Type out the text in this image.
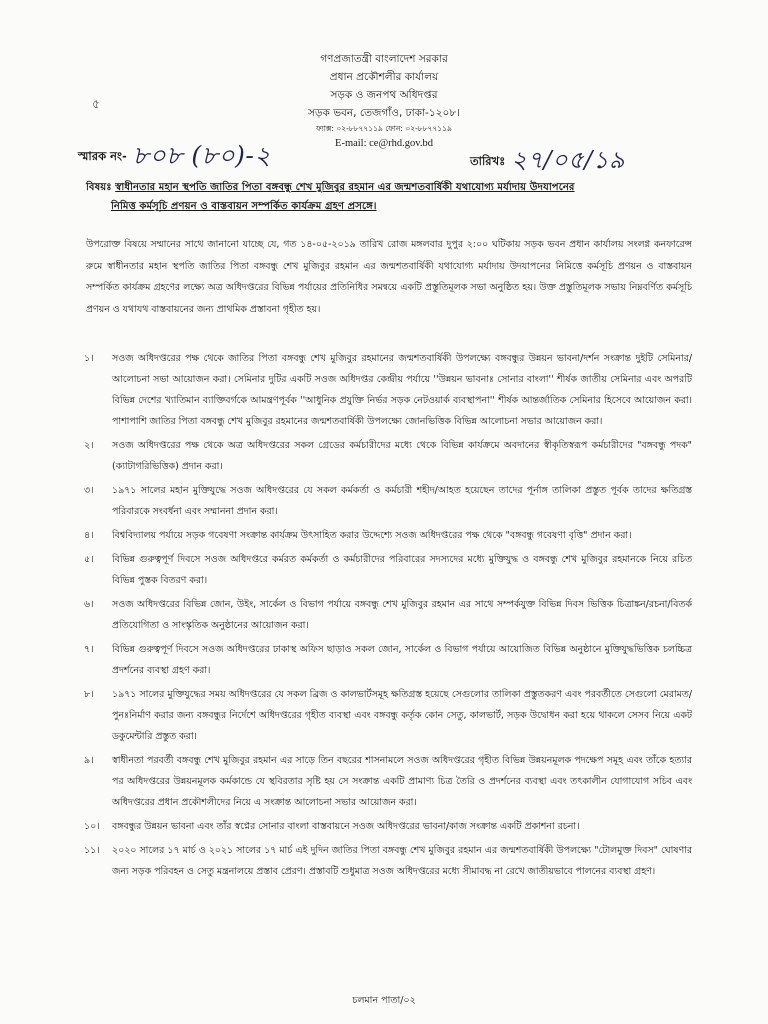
গণপ্রজাতন্ত্রী বাংলাদেশ সরকার
প্রধান প্রকৌশলীর কার্যালয়
সড়ক ও জনপথ অধিদপ্তর
সড়ক ভবন, তেজগাঁও, ঢাকা-১২০৮।
ফ্যাক্স: ০২-৮৮৭৭১১৯ ফোন: ০২-৮৮৭৭১১৯
E-mail: ce@rhd.gov.bd
৫
স্মারক নং- ৮০৮ (৮০)-২	তারিখঃ ২৭/০৫/১৯
বিষয়ঃ স্বাধীনতার মহান স্থপতি জাতির পিতা বঙ্গবন্ধু শেখ মুজিবুর রহমান এর জন্মশতবার্ষিকী যথাযোগ্য মর্যাদায় উদযাপনের
নিমিত্ত কর্মসূচি প্রণয়ন ও বাস্তবায়ন সম্পর্কিত কার্যক্রম গ্রহণ প্রসঙ্গে।
উপরোক্ত বিষয়ে সম্মানের সাথে জানানো যাচ্ছে যে, গত ১৪-০৫-২০১৯ তারিখ রোজ মঙ্গলবার দুপুর ২:০০ ঘটিকায় সড়ক ভবন প্রধান কার্যালয় সংলগ্ন কনফারেন্স রুমে স্বাধীনতার মহান স্থপতি জাতির পিতা বঙ্গবন্ধু শেখ মুজিবুর রহমান এর জন্মশতবার্ষিকী যথাযোগ্য মর্যাদায় উদযাপনের নিমিত্তে কর্মসূচি প্রণয়ন ও বাস্তবায়ন সম্পর্কিত কার্যক্রম গ্রহণের লক্ষ্যে অত্র অধিদপ্তরের বিভিন্ন পর্যায়ের প্রতিনিধির সমন্বয়ে একটি প্রস্তুতিমূলক সভা অনুষ্ঠিত হয়। উক্ত প্রস্তুতিমূলক সভায় নিম্নবর্ণিত কর্মসূচি প্রণয়ন ও যথাযথ বাস্তবায়নের জন্য প্রাথমিক প্রস্তাবনা গৃহীত হয়।
১। সওজ অধিদপ্তরের পক্ষ থেকে জাতির পিতা বঙ্গবন্ধু শেখ মুজিবুর রহমানের জন্মশতবার্ষিকী উপলক্ষ্যে বঙ্গবন্ধুর উন্নয়ন ভাবনা/দর্শন সংক্রান্ত দুইটি সেমিনার/আলোচনা সভা আয়োজন করা। সেমিনার দুটির একটি সওজ অধিদপ্তর কেন্দ্রীয় পর্যায়ে ''উন্নয়ন ভাবনাঃ সোনার বাংলা'' শীর্ষক জাতীয় সেমিনার এবং অপরটি বিভিন্ন দেশের খ্যাতিমান ব্যাক্তিবর্গকে আমন্ত্রণপূর্বক ''আধুনিক প্রযুক্তি নির্ভর সড়ক নেটওয়ার্ক ব্যবস্থাপনা'' শীর্ষক আন্তর্জাতিক সেমিনার হিসেবে আয়োজন করা। পাশাপাশি জাতির পিতা বঙ্গবন্ধু শেখ মুজিবুর রহমানের জন্মশতবার্ষিকী উপলক্ষ্যে জোনভিত্তিক বিভিন্ন আলোচনা সভার আয়োজন করা।
২। সওজ অধিদপ্তরের পক্ষ থেকে অত্র অধিদপ্তরের সকল গ্রেডের কর্মচারীদের মধ্যে থেকে বিভিন্ন কার্যক্রমে অবদানের স্বীকৃতিস্বরূপ কর্মচারীদের "বঙ্গবন্ধু পদক" (ক্যাটাগরিভিত্তিক) প্রদান করা।
৩। ১৯৭১ সালের মহান মুক্তিযুদ্ধে সওজ অধিদপ্তরের যে সকল কর্মকর্তা ও কর্মচারী শহীদ/আহত হয়েছেন তাদের পূর্নাঙ্গ তালিকা প্রস্তুত পূর্বক তাদের ক্ষতিগ্রস্ত পরিবারকে সংবর্ধনা এবং সম্মাননা প্রদান করা।
৪। বিশ্ববিদ্যালয় পর্যায়ে সড়ক গবেষণা সংক্রান্ত কার্যক্রম উৎসাহিত করার উদ্দেশ্যে সওজ অধিদপ্তরের পক্ষ থেকে "বঙ্গবন্ধু গবেষণা বৃত্তি" প্রদান করা।
৫। বিভিন্ন গুরুত্বপূর্ণ দিবসে সওজ অধিদপ্তরে কর্মরত কর্মকর্তা ও কর্মচারীদের পরিবারের সদস্যদের মধ্যে মুক্তিযুদ্ধ ও বঙ্গবন্ধু শেখ মুজিবুর রহমানকে নিয়ে রচিত বিভিন্ন পুস্তক বিতরণ করা।
৬। সওজ অধিদপ্তরের বিভিন্ন জোন, উইং, সার্কেল ও বিভাগ পর্যায়ে বঙ্গবন্ধু শেখ মুজিবুর রহমান এর সাথে সম্পর্কযুক্ত বিভিন্ন দিবস ভিত্তিক চিত্রাঙ্কন/রচনা/বিতর্ক প্রতিযোগিতা ও সাংস্কৃতিক অনুষ্ঠানের আয়োজন করা।
৭। বিভিন্ন গুরুত্বপূর্ণ দিবসে সওজ অধিদপ্তরের ঢাকাস্থ অফিস ছাড়াও সকল জোন, সার্কেল ও বিভাগ পর্যায়ে আয়োজিত বিভিন্ন অনুষ্ঠানে মুক্তিযুদ্ধভিত্তিক চলচ্চিত্র প্রদর্শনের ব্যবস্থা গ্রহণ করা।
৮। ১৯৭১ সালের মুক্তিযুদ্ধের সময় অধিদপ্তরের যে সকল ব্রিজ ও কালভার্টসমূহ ক্ষতিগ্রস্ত হয়েছে সেগুলোর তালিকা প্রস্তুতকরণ এবং পরবর্তীতে সেগুলো মেরামত/পুনঃনির্মাণ করার জন্য বঙ্গবন্ধুর নির্দেশে অধিদপ্তরের গৃহীত ব্যবস্থা এবং বঙ্গবন্ধু কর্তৃক কোন সেতু, কালভার্ট, সড়ক উদ্বোধন করা হয়ে থাকলে সেসব নিয়ে একট ডকুমেন্টারি প্রস্তুত করা।
৯। স্বাধীনতা পরবর্তী বঙ্গবন্ধু শেখ মুজিবুর রহমান এর সাড়ে তিন বছরের শাসনামলে সওজ অধিদপ্তরের গৃহীত বিভিন্ন উন্নয়নমূলক পদক্ষেপ সমূহ এবং তাঁকে হত্যার পর অধিদপ্তরের উন্নয়নমূলক কর্মকান্ডে যে স্থবিরতার সৃষ্টি হয় সে সংক্রান্ত একটি প্রামাণ্য চিত্র তৈরি ও প্রদর্শনের ব্যবস্থা এবং তৎকালীন যোগাযোগ সচিব এবং অধিদপ্তরের প্রধান প্রকৌশলীদের নিয়ে এ সংক্রান্ত আলোচনা সভার আয়োজন করা।
১০। বঙ্গবন্ধুর উন্নয়ন ভাবনা এবং তাঁর স্বপ্নের সোনার বাংলা বাস্তবায়নে সওজ অধিদপ্তরের ভাবনা/কাজ সংক্রান্ত একটি প্রকাশনা রচনা।
১১। ২০২০ সালের ১৭ মার্চ ও ২০২১ সালের ১৭ মার্চ এই দুদিন জাতির পিতা বঙ্গবন্ধু শেখ মুজিবুর রহমান এর জন্মশতবার্ষিকী উপলক্ষ্যে "টোলমুক্ত দিবস" ঘোষণার জন্য সড়ক পরিবহন ও সেতু মন্ত্রনালয়ে প্রস্তাব প্রেরণ। প্রস্তাবটি শুধুমাত্র সওজ অধিদপ্তরের মধ্যে সীমাবদ্ধ না রেখে জাতীয়ভাবে পালনের ব্যবস্থা গ্রহণ।
চলমান পাতা/০২
